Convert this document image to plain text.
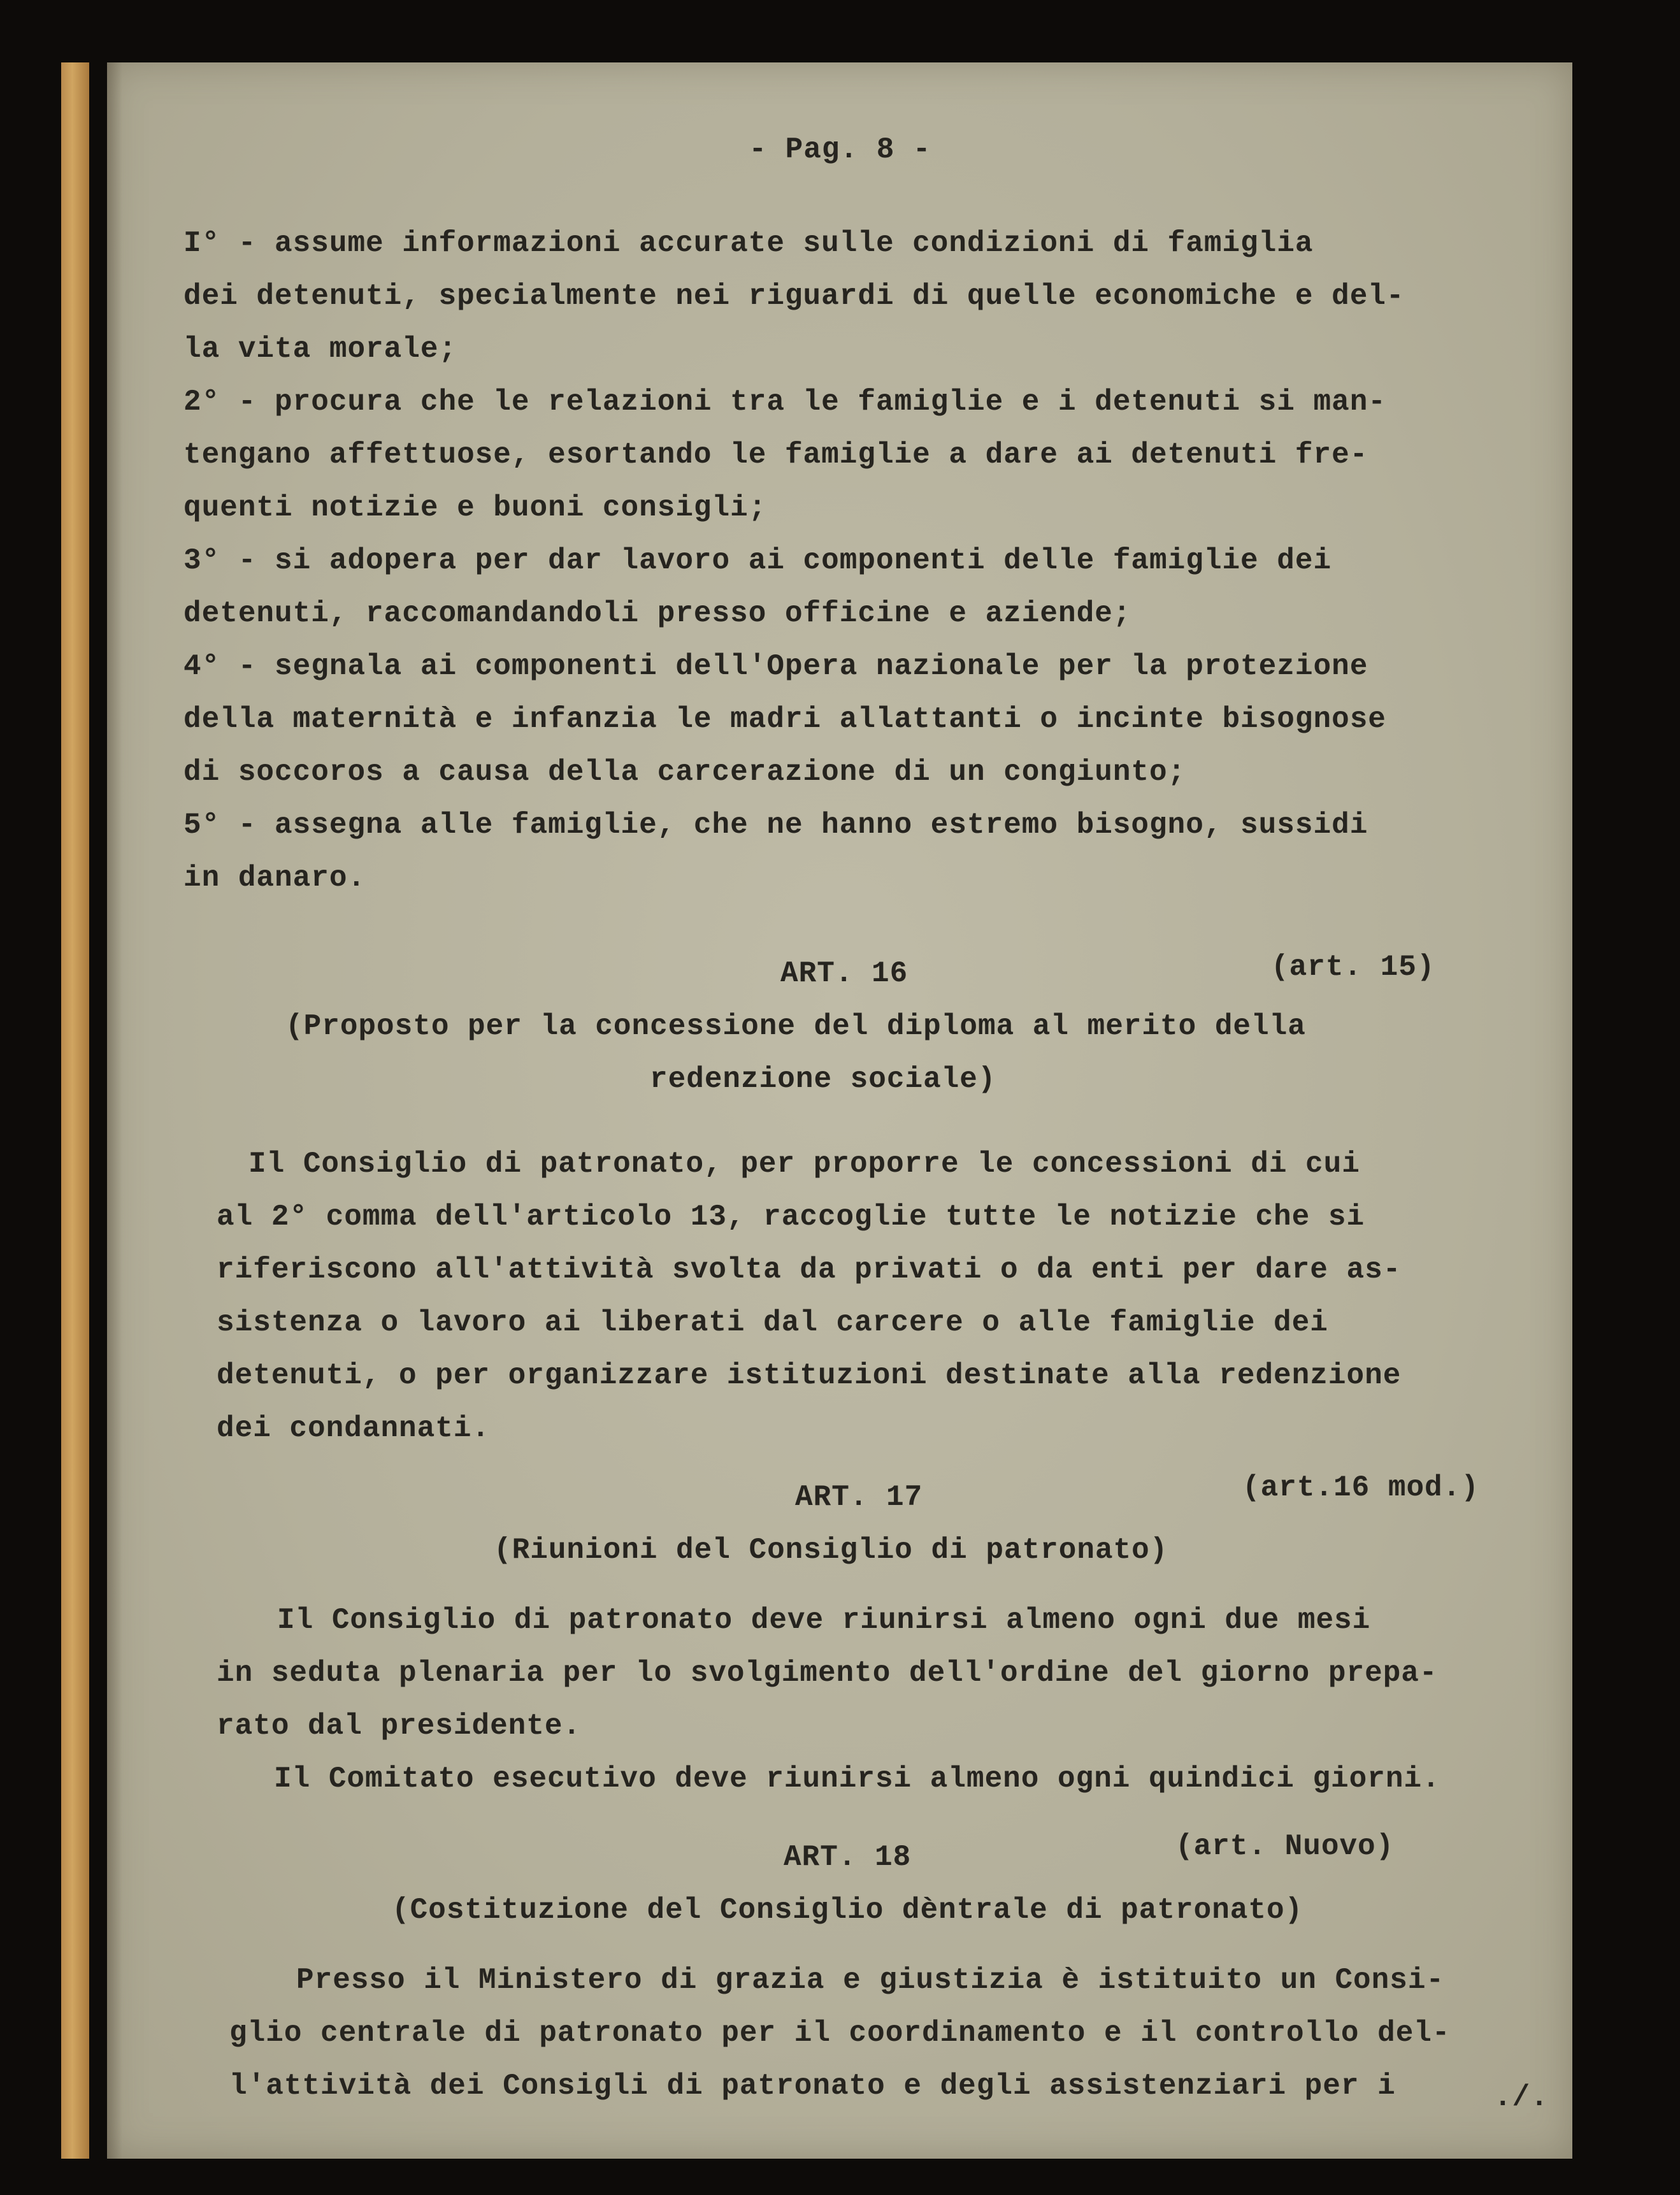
- Pag. 8 -
I° - assume informazioni accurate sulle condizioni di famiglia
dei detenuti, specialmente nei riguardi di quelle economiche e del-
la vita morale;
2° - procura che le relazioni tra le famiglie e i detenuti si man-
tengano affettuose, esortando le famiglie a dare ai detenuti fre-
quenti notizie e buoni consigli;
3° - si adopera per dar lavoro ai componenti delle famiglie dei
detenuti, raccomandandoli presso officine e aziende;
4° - segnala ai componenti dell'Opera nazionale per la protezione
della maternità e infanzia le madri allattanti o incinte bisognose
di soccoros a causa della carcerazione di un congiunto;
5° - assegna alle famiglie, che ne hanno estremo bisogno, sussidi
in danaro.
ART. 16	(art. 15)
(Proposto per la concessione del diploma al merito della
redenzione sociale)
Il Consiglio di patronato, per proporre le concessioni di cui
al 2° comma dell'articolo 13, raccoglie tutte le notizie che si
riferiscono all'attività svolta da privati o da enti per dare as-
sistenza o lavoro ai liberati dal carcere o alle famiglie dei
detenuti, o per organizzare istituzioni destinate alla redenzione
dei condannati.
ART. 17	(art.16 mod.)
(Riunioni del Consiglio di patronato)
Il Consiglio di patronato deve riunirsi almeno ogni due mesi
in seduta plenaria per lo svolgimento dell'ordine del giorno prepa-
rato dal presidente.
Il Comitato esecutivo deve riunirsi almeno ogni quindici giorni.
ART. 18	(art. Nuovo)
(Costituzione del Consiglio dèntrale di patronato)
Presso il Ministero di grazia e giustizia è istituito un Consi-
glio centrale di patronato per il coordinamento e il controllo del-
l'attività dei Consigli di patronato e degli assistenziari per i	./.
